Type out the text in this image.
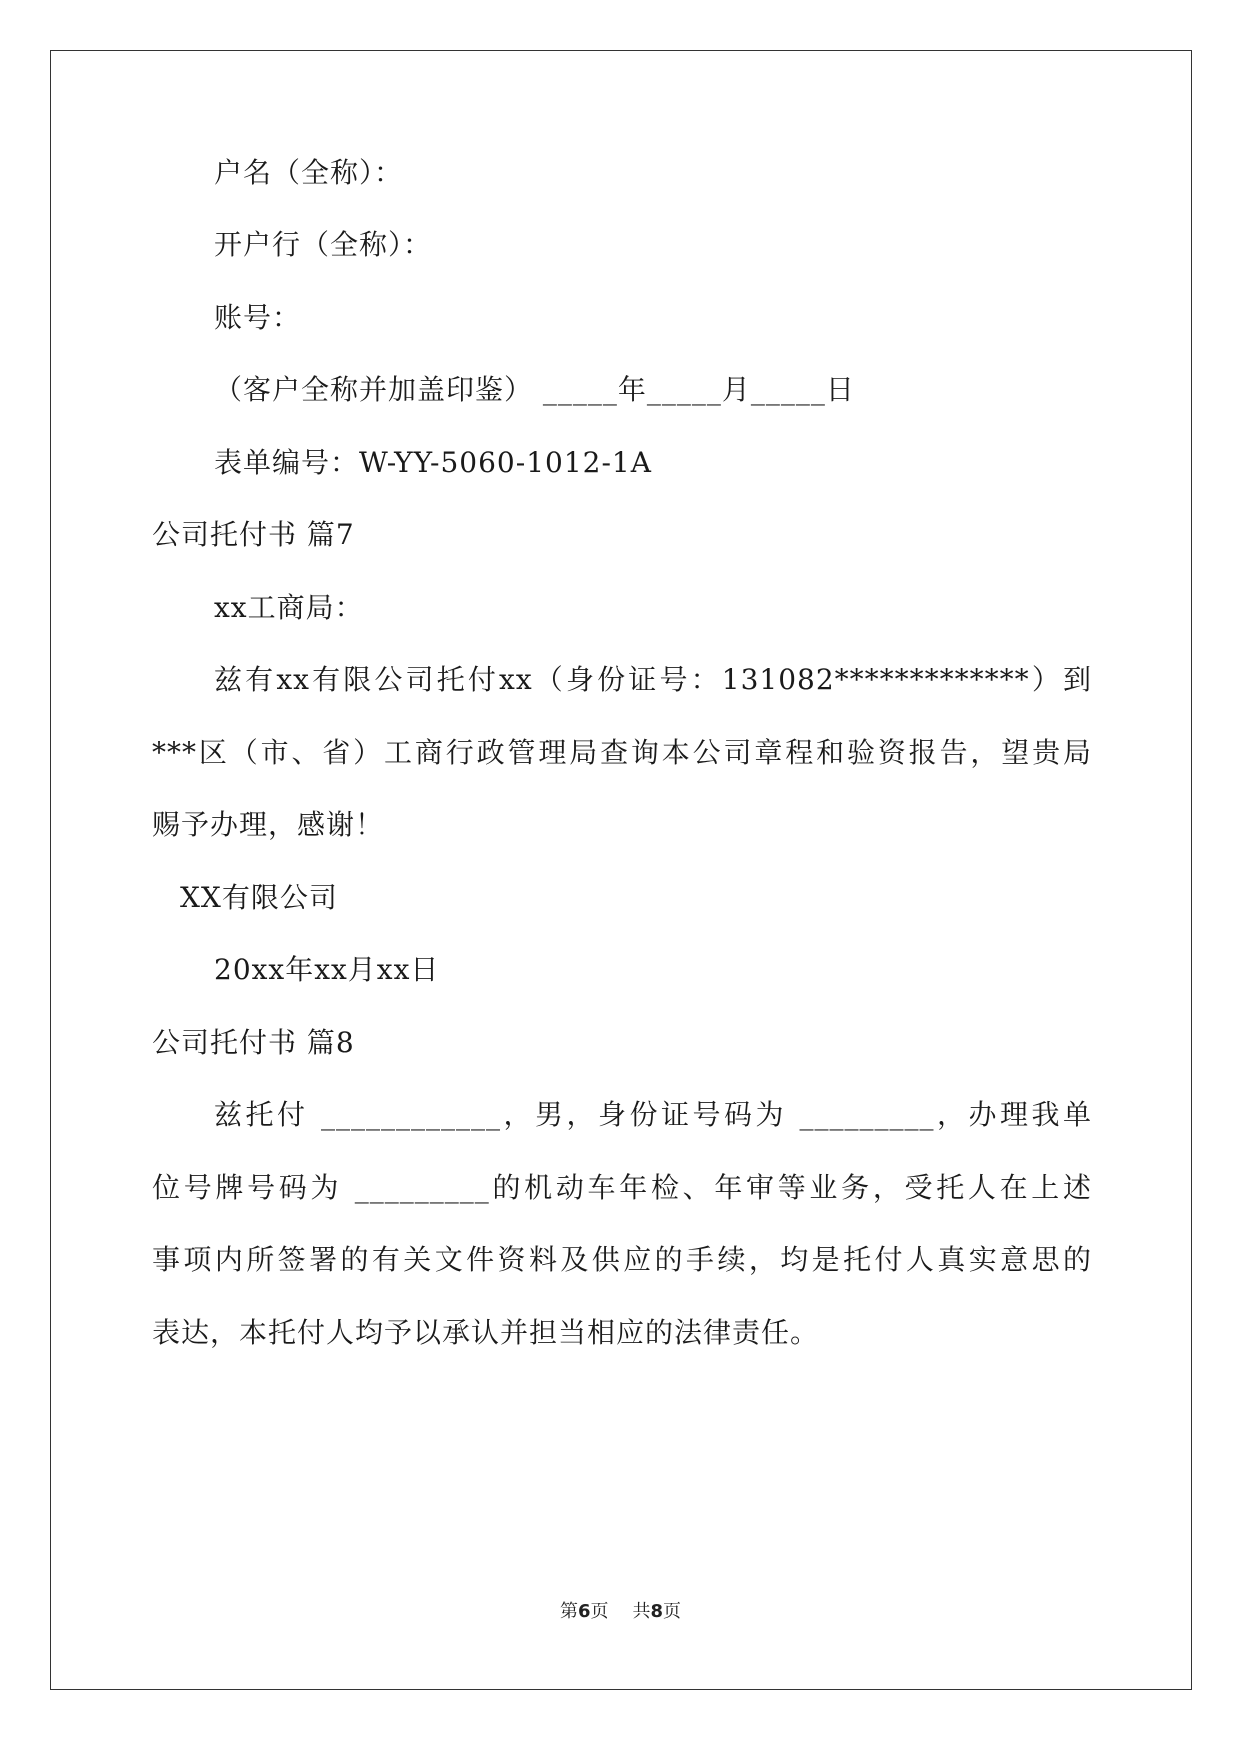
户名（全称）：
开户行（全称）：
账号：
（客户全称并加盖印鉴） _____年_____月_____日
表单编号：W-YY-5060-1012-1A
公司托付书 篇7
xx工商局：
兹有xx有限公司托付xx（身份证号：131082*************）到
***区（市、省）工商行政管理局查询本公司章程和验资报告，望贵局
赐予办理，感谢！
XX有限公司
20xx年xx月xx日
公司托付书 篇8
兹托付 ____________，男，身份证号码为 _________，办理我单
位号牌号码为 _________的机动车年检、年审等业务，受托人在上述
事项内所签署的有关文件资料及供应的手续，均是托付人真实意思的
表达，本托付人均予以承认并担当相应的法律责任。
第6页 共8页
